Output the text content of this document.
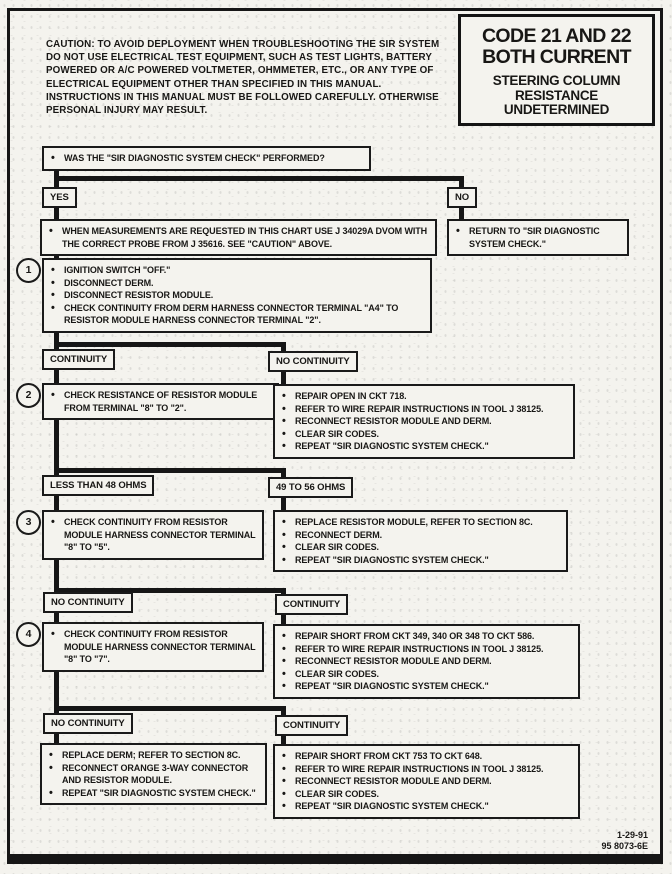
CAUTION: TO AVOID DEPLOYMENT WHEN TROUBLESHOOTING THE SIR SYSTEM DO NOT USE ELECTRICAL TEST EQUIPMENT, SUCH AS TEST LIGHTS, BATTERY POWERED OR A/C POWERED VOLTMETER, OHMMETER, ETC., OR ANY TYPE OF ELECTRICAL EQUIPMENT OTHER THAN SPECIFIED IN THIS MANUAL. INSTRUCTIONS IN THIS MANUAL MUST BE FOLLOWED CAREFULLY. OTHERWISE PERSONAL INJURY MAY RESULT.
CODE 21 AND 22
BOTH CURRENT
STEERING COLUMN
RESISTANCE
UNDETERMINED
• WAS THE "SIR DIAGNOSTIC SYSTEM CHECK" PERFORMED?
YES	NO
• RETURN TO "SIR DIAGNOSTIC SYSTEM CHECK."
• WHEN MEASUREMENTS ARE REQUESTED IN THIS CHART USE J 34029A DVOM WITH THE CORRECT PROBE FROM J 35616. SEE "CAUTION" ABOVE.
1	• IGNITION SWITCH "OFF."
• DISCONNECT DERM.
• DISCONNECT RESISTOR MODULE.
• CHECK CONTINUITY FROM DERM HARNESS CONNECTOR TERMINAL "A4" TO RESISTOR MODULE HARNESS CONNECTOR TERMINAL "2".
CONTINUITY	NO CONTINUITY
2	• CHECK RESISTANCE OF RESISTOR MODULE FROM TERMINAL "8" TO "2".
• REPAIR OPEN IN CKT 718.
• REFER TO WIRE REPAIR INSTRUCTIONS IN TOOL J 38125.
• RECONNECT RESISTOR MODULE AND DERM.
• CLEAR SIR CODES.
• REPEAT "SIR DIAGNOSTIC SYSTEM CHECK."
LESS THAN 48 OHMS	49 TO 56 OHMS
3	• CHECK CONTINUITY FROM RESISTOR MODULE HARNESS CONNECTOR TERMINAL "8" TO "5".
• REPLACE RESISTOR MODULE, REFER TO SECTION 8C.
• RECONNECT DERM.
• CLEAR SIR CODES.
• REPEAT "SIR DIAGNOSTIC SYSTEM CHECK."
NO CONTINUITY	CONTINUITY
4	• CHECK CONTINUITY FROM RESISTOR MODULE HARNESS CONNECTOR TERMINAL "8" TO "7".
• REPAIR SHORT FROM CKT 349, 340 OR 348 TO CKT 586.
• REFER TO WIRE REPAIR INSTRUCTIONS IN TOOL J 38125.
• RECONNECT RESISTOR MODULE AND DERM.
• CLEAR SIR CODES.
• REPEAT "SIR DIAGNOSTIC SYSTEM CHECK."
NO CONTINUITY	CONTINUITY
• REPLACE DERM; REFER TO SECTION 8C.
• RECONNECT ORANGE 3-WAY CONNECTOR AND RESISTOR MODULE.
• REPEAT "SIR DIAGNOSTIC SYSTEM CHECK."
• REPAIR SHORT FROM CKT 753 TO CKT 648.
• REFER TO WIRE REPAIR INSTRUCTIONS IN TOOL J 38125.
• RECONNECT RESISTOR MODULE AND DERM.
• CLEAR SIR CODES.
• REPEAT "SIR DIAGNOSTIC SYSTEM CHECK."
1-29-91
95 8073-6E
